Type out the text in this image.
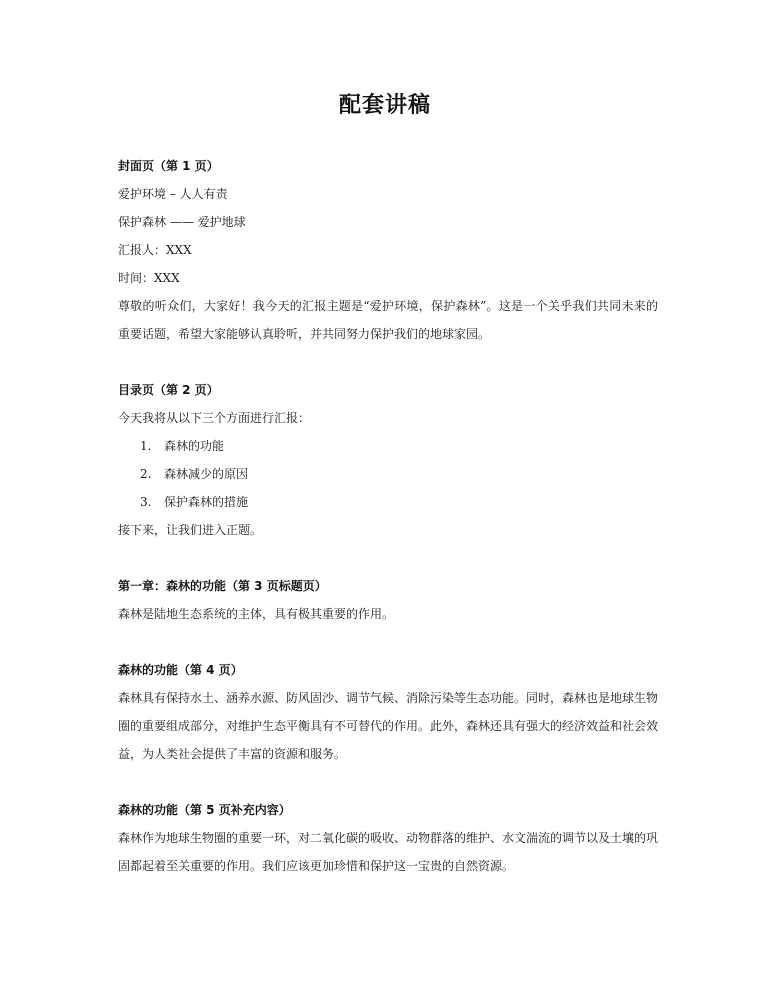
配套讲稿

封面页（第 1 页）

爱护环境 – 人人有责

保护森林 —— 爱护地球

汇报人：XXX

时间：XXX

尊敬的听众们，大家好！我今天的汇报主题是“爱护环境，保护森林”。这是一个关乎我们共同未来的重要话题，希望大家能够认真聆听，并共同努力保护我们的地球家园。

目录页（第 2 页）

今天我将从以下三个方面进行汇报：

1.	森林的功能
2.	森林减少的原因
3.	保护森林的措施

接下来，让我们进入正题。

第一章：森林的功能（第 3 页标题页）

森林是陆地生态系统的主体，具有极其重要的作用。

森林的功能（第 4 页）

森林具有保持水土、涵养水源、防风固沙、调节气候、消除污染等生态功能。同时，森林也是地球生物圈的重要组成部分，对维护生态平衡具有不可替代的作用。此外，森林还具有强大的经济效益和社会效益，为人类社会提供了丰富的资源和服务。

森林的功能（第 5 页补充内容）

森林作为地球生物圈的重要一环，对二氧化碳的吸收、动物群落的维护、水文湍流的调节以及土壤的巩固都起着至关重要的作用。我们应该更加珍惜和保护这一宝贵的自然资源。
